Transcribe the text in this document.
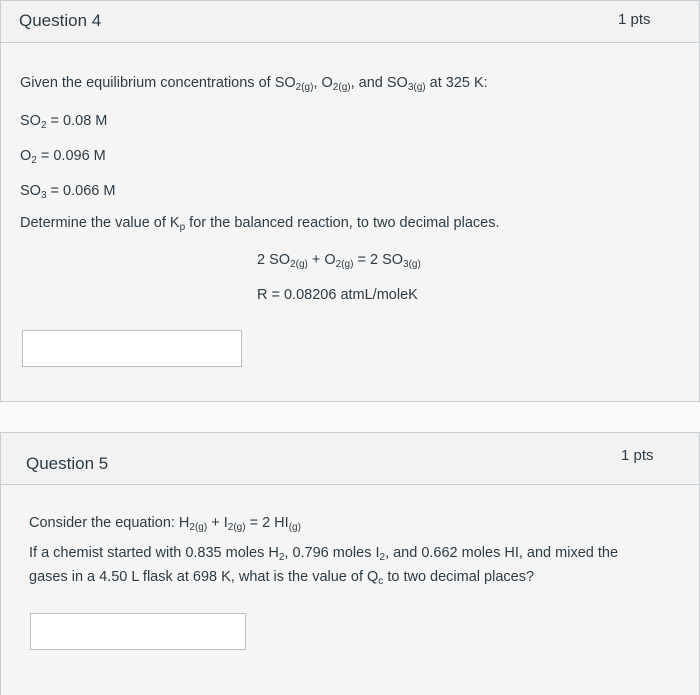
Question 4	1 pts
Given the equilibrium concentrations of $SO_{2(g)}$, $O_{2(g)}$, and $SO_{3(g)}$ at 325 K:
$SO_2 = 0.08$ M
$O_2 = 0.096$ M
$SO_3 = 0.066$ M
Determine the value of $K_p$ for the balanced reaction, to two decimal places.
2 $SO_{2(g)} + O_{2(g)} = 2$ $SO_{3(g)}$
R = 0.08206 atmL/moleK
Question 5	1 pts
Consider the equation: $H_{2(g)} + I_{2(g)} = 2$ $HI_{(g)}$
If a chemist started with 0.835 moles $H_2$, 0.796 moles $I_2$, and 0.662 moles HI, and mixed the
gases in a 4.50 L flask at 698 K, what is the value of $Q_c$ to two decimal places?
